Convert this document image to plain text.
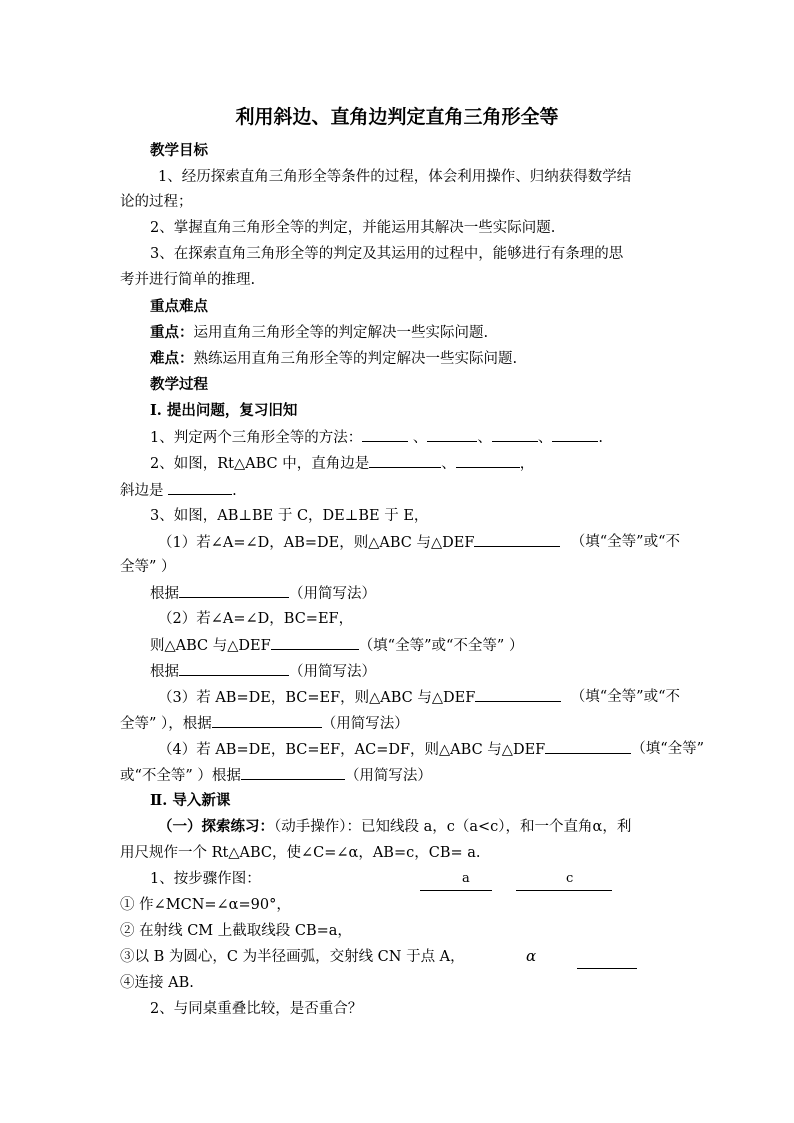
利用斜边、直角边判定直角三角形全等
教学目标
1、经历探索直角三角形全等条件的过程，体会利用操作、归纳获得数学结
论的过程；
2、掌握直角三角形全等的判定，并能运用其解决一些实际问题.
3、在探索直角三角形全等的判定及其运用的过程中，能够进行有条理的思
考并进行简单的推理.
重点难点
重点：运用直角三角形全等的判定解决一些实际问题.
难点：熟练运用直角三角形全等的判定解决一些实际问题.
教学过程
Ⅰ. 提出问题，复习旧知
1、判定两个三角形全等的方法：	、	、	、	.
2、如图，Rt△ABC 中，直角边是	、	，
斜边是	.
3、如图，AB⊥BE 于 C，DE⊥BE 于 E，
（1）若∠A=∠D，AB=DE，则△ABC 与△DEF	（填“全等”或“不
全等” ）
根据	（用简写法）
（2）若∠A=∠D，BC=EF，
则△ABC 与△DEF	（填“全等”或“不全等” ）
根据	（用简写法）
（3）若 AB=DE，BC=EF，则△ABC 与△DEF	（填“全等”或“不
全等” ），根据	（用简写法）
（4）若 AB=DE，BC=EF，AC=DF，则△ABC 与△DEF	（填“全等”
或“不全等” ）根据	（用简写法）
Ⅱ. 导入新课
（一）探索练习：（动手操作）：已知线段 a，c（a<c），和一个直角α，利
用尺规作一个 Rt△ABC，使∠C=∠α，AB=c，CB= a.
1、按步骤作图：	a	c
① 作∠MCN=∠α=90°，
② 在射线 CM 上截取线段 CB=a，
③以 B 为圆心，C 为半径画弧，交射线 CN 于点 A，	α
④连接 AB.
2、与同桌重叠比较，是否重合？
